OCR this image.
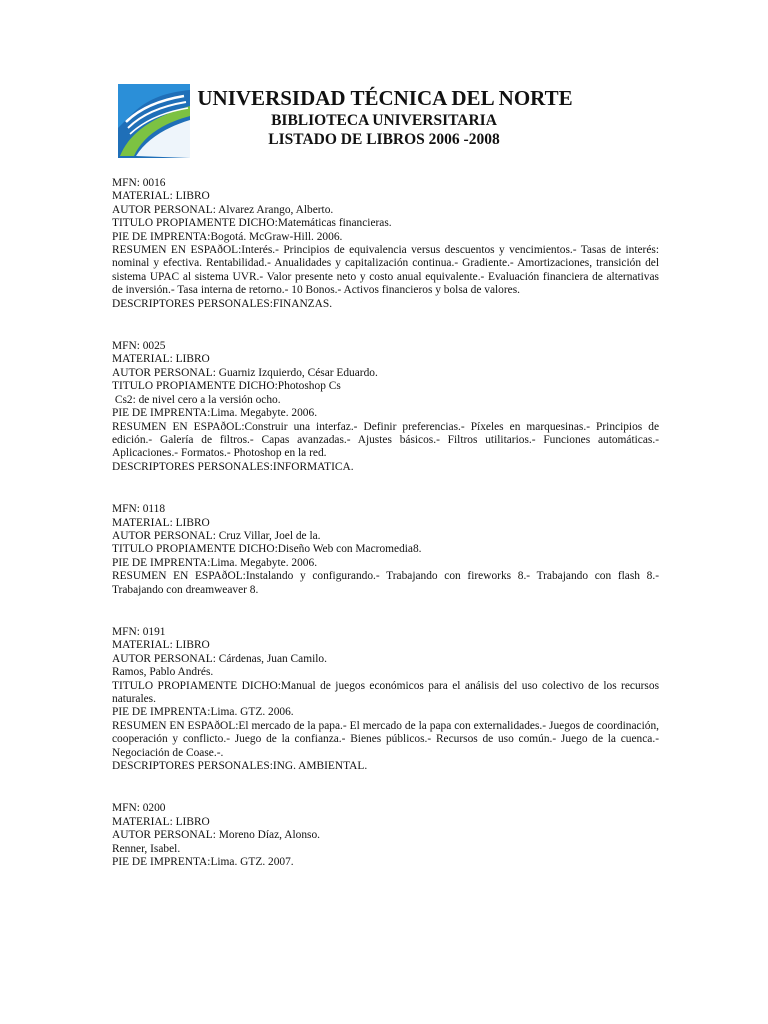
UNIVERSIDAD TÉCNICA DEL NORTE
BIBLIOTECA UNIVERSITARIA
LISTADO DE LIBROS 2006 -2008
MFN: 0016
MATERIAL: LIBRO
AUTOR PERSONAL: Alvarez Arango, Alberto.
TITULO PROPIAMENTE DICHO:Matemáticas financieras.
PIE DE IMPRENTA:Bogotá. McGraw-Hill. 2006.
RESUMEN EN ESPAðOL:Interés.- Principios de equivalencia versus descuentos y vencimientos.- Tasas de interés: nominal y efectiva. Rentabilidad.- Anualidades y capitalización continua.- Gradiente.- Amortizaciones, transición del sistema UPAC al sistema UVR.- Valor presente neto y costo anual equivalente.- Evaluación financiera de alternativas de inversión.- Tasa interna de retorno.- 10 Bonos.- Activos financieros y bolsa de valores.
DESCRIPTORES PERSONALES:FINANZAS.
MFN: 0025
MATERIAL: LIBRO
AUTOR PERSONAL: Guarniz Izquierdo, César Eduardo.
TITULO PROPIAMENTE DICHO:Photoshop Cs
Cs2: de nivel cero a la versión ocho.
PIE DE IMPRENTA:Lima. Megabyte. 2006.
RESUMEN EN ESPAðOL:Construir una interfaz.- Definir preferencias.- Píxeles en marquesinas.- Principios de edición.- Galería de filtros.- Capas avanzadas.- Ajustes básicos.- Filtros utilitarios.- Funciones automáticas.- Aplicaciones.- Formatos.- Photoshop en la red.
DESCRIPTORES PERSONALES:INFORMATICA.
MFN: 0118
MATERIAL: LIBRO
AUTOR PERSONAL: Cruz Villar, Joel de la.
TITULO PROPIAMENTE DICHO:Diseño Web con Macromedia8.
PIE DE IMPRENTA:Lima. Megabyte. 2006.
RESUMEN EN ESPAðOL:Instalando y configurando.- Trabajando con fireworks 8.- Trabajando con flash 8.- Trabajando con dreamweaver 8.
MFN: 0191
MATERIAL: LIBRO
AUTOR PERSONAL: Cárdenas, Juan Camilo.
Ramos, Pablo Andrés.
TITULO PROPIAMENTE DICHO:Manual de juegos económicos para el análisis del uso colectivo de los recursos naturales.
PIE DE IMPRENTA:Lima. GTZ. 2006.
RESUMEN EN ESPAðOL:El mercado de la papa.- El mercado de la papa con externalidades.- Juegos de coordinación, cooperación y conflicto.- Juego de la confianza.- Bienes públicos.- Recursos de uso común.- Juego de la cuenca.- Negociación de Coase.-.
DESCRIPTORES PERSONALES:ING. AMBIENTAL.
MFN: 0200
MATERIAL: LIBRO
AUTOR PERSONAL: Moreno Díaz, Alonso.
Renner, Isabel.
PIE DE IMPRENTA:Lima. GTZ. 2007.
